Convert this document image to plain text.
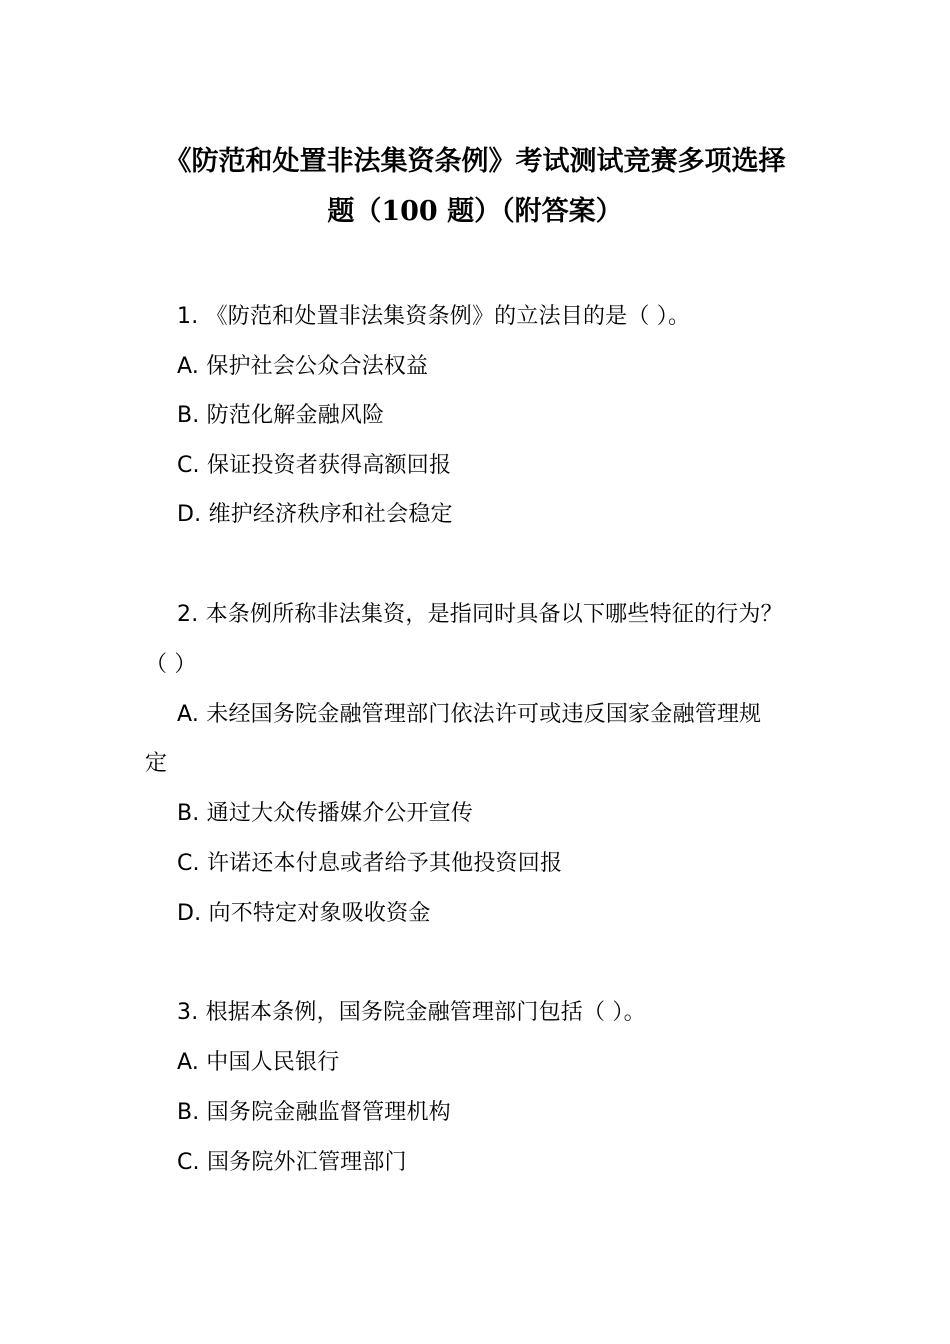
《防范和处置非法集资条例》考试测试竞赛多项选择
题（100 题）（附答案）
1. 《防范和处置非法集资条例》的立法目的是（ ）。
A. 保护社会公众合法权益
B. 防范化解金融风险
C. 保证投资者获得高额回报
D. 维护经济秩序和社会稳定
2. 本条例所称非法集资，是指同时具备以下哪些特征的行为？
（ ）
A. 未经国务院金融管理部门依法许可或违反国家金融管理规
定
B. 通过大众传播媒介公开宣传
C. 许诺还本付息或者给予其他投资回报
D. 向不特定对象吸收资金
3. 根据本条例，国务院金融管理部门包括（ ）。
A. 中国人民银行
B. 国务院金融监督管理机构
C. 国务院外汇管理部门
